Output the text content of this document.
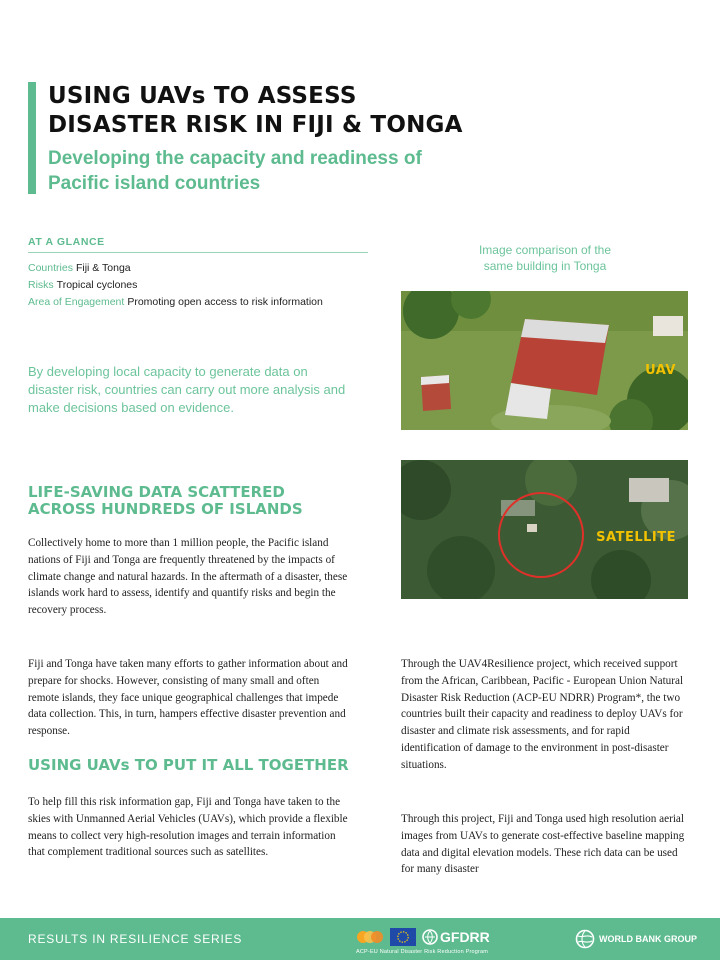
USING UAVs TO ASSESS
DISASTER RISK IN FIJI & TONGA

Developing the capacity and readiness of
Pacific island countries

AT A GLANCE
Countries Fiji & Tonga
Risks Tropical cyclones
Area of Engagement Promoting open access to risk information

By developing local capacity to generate data on disaster risk, countries can carry out more analysis and make decisions based on evidence.

Image comparison of the
same building in Tonga
UAV
SATELLITE
LIFE-SAVING DATA SCATTERED
ACROSS HUNDREDS OF ISLANDS

Collectively home to more than 1 million people, the Pacific island nations of Fiji and Tonga are frequently threatened by the impacts of climate change and natural hazards. In the aftermath of a disaster, these islands work hard to assess, identify and quantify risks and begin the recovery process.

Fiji and Tonga have taken many efforts to gather information about and prepare for shocks. However, consisting of many small and often remote islands, they face unique geographical challenges that impede data collection. This, in turn, hampers effective disaster prevention and response.

USING UAVs TO PUT IT ALL TOGETHER

To help fill this risk information gap, Fiji and Tonga have taken to the skies with Unmanned Aerial Vehicles (UAVs), which provide a flexible means to collect very high-resolution images and terrain information that complement traditional sources such as satellites.

Through the UAV4Resilience project, which received support from the African, Caribbean, Pacific - European Union Natural Disaster Risk Reduction (ACP-EU NDRR) Program*, the two countries built their capacity and readiness to deploy UAVs for disaster and climate risk assessments, and for rapid identification of damage to the environment in post-disaster situations.

Through this project, Fiji and Tonga used high resolution aerial images from UAVs to generate cost-effective baseline mapping data and digital elevation models. These rich data can be used for many disaster

RESULTS IN RESILIENCE SERIES	GFDRR
ACP-EU Natural Disaster Risk Reduction Program
WORLD BANK GROUP
